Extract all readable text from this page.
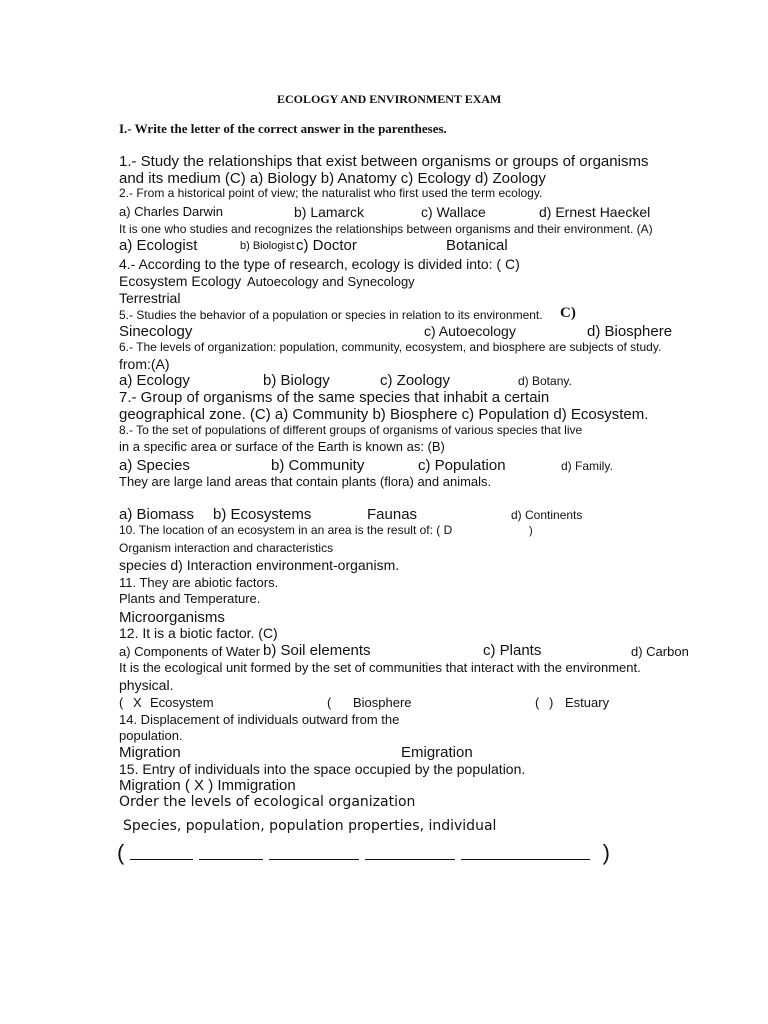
ECOLOGY AND ENVIRONMENT EXAM
I.- Write the letter of the correct answer in the parentheses.
1.- Study the relationships that exist between organisms or groups of organisms
and its medium (C) a) Biology b) Anatomy c) Ecology d) Zoology
2.- From a historical point of view; the naturalist who first used the term ecology.
a) Charles Darwin	b) Lamarck	c) Wallace	d) Ernest Haeckel
It is one who studies and recognizes the relationships between organisms and their environment. (A)
a) Ecologist	b) Biologist c) Doctor	Botanical
4.- According to the type of research, ecology is divided into: ( C)
Ecosystem Ecology Autoecology and Synecology
Terrestrial
5.- Studies the behavior of a population or species in relation to its environment. C)
Sinecology	c) Autoecology	d) Biosphere
6.- The levels of organization: population, community, ecosystem, and biosphere are subjects of study.
from:(A)
a) Ecology	b) Biology	c) Zoology	d) Botany.
7.- Group of organisms of the same species that inhabit a certain
geographical zone. (C) a) Community b) Biosphere c) Population d) Ecosystem.
8.- To the set of populations of different groups of organisms of various species that live
in a specific area or surface of the Earth is known as: (B)
a) Species	b) Community	c) Population	d) Family.
They are large land areas that contain plants (flora) and animals.
a) Biomass b) Ecosystems	Faunas	d) Continents
10. The location of an ecosystem in an area is the result of: ( D	)
Organism interaction and characteristics
species d) Interaction environment-organism.
11. They are abiotic factors.
Plants and Temperature.
Microorganisms
12. It is a biotic factor. (C)
a) Components of Water b) Soil elements	c) Plants	d) Carbon
It is the ecological unit formed by the set of communities that interact with the environment.
physical.
( X Ecosystem	( Biosphere	( ) Estuary
14. Displacement of individuals outward from the
population.
Migration	Emigration
15. Entry of individuals into the space occupied by the population.
Migration ( X ) Immigration
Order the levels of ecological organization
Species, population, population properties, individual
(	)
